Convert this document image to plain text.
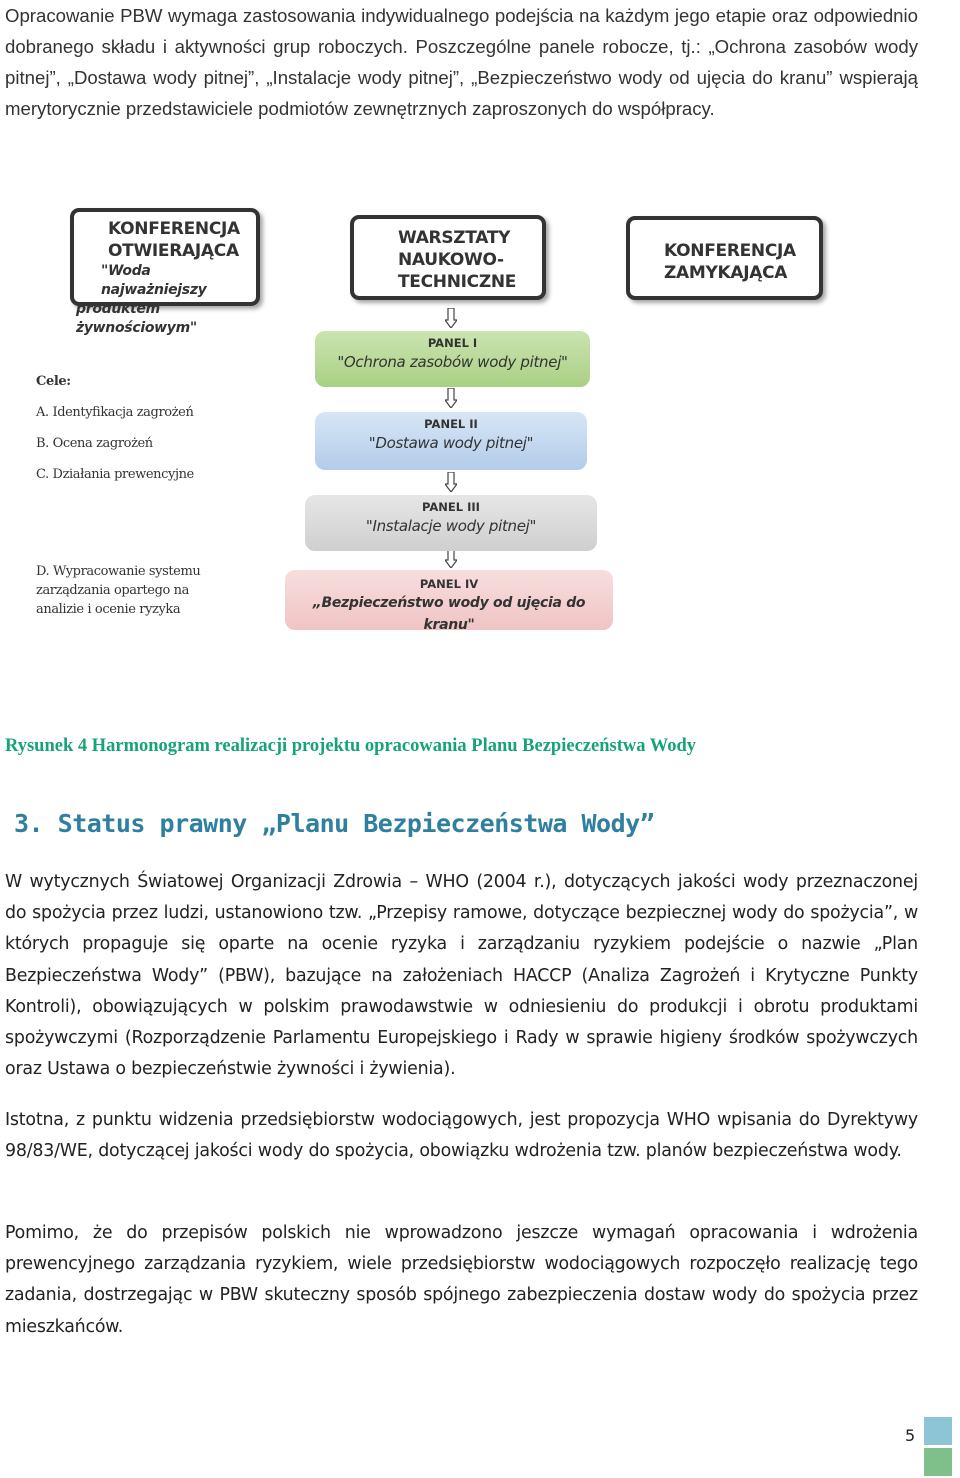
Opracowanie PBW wymaga zastosowania indywidualnego podejścia na każdym jego etapie oraz odpowiednio dobranego składu i aktywności grup roboczych. Poszczególne panele robocze, tj.: „Ochrona zasobów wody pitnej”, „Dostawa wody pitnej”, „Instalacje wody pitnej”, „Bezpieczeństwo wody od ujęcia do kranu” wspierają merytorycznie przedstawiciele podmiotów zewnętrznych zaproszonych do współpracy.

KONFERENCJA
OTWIERAJĄCA
"Woda najważniejszy
produktem żywnościowym"
WARSZTATY
NAUKOWO-
TECHNICZNE
KONFERENCJA
ZAMYKAJĄCA
Cele:
A. Identyfikacja zagrożeń
B. Ocena zagrożeń
C. Działania prewencyjne
D. Wypracowanie systemu
zarządzania opartego na
analizie i ocenie ryzyka
PANEL I
"Ochrona zasobów wody pitnej"
PANEL II
"Dostawa wody pitnej"
PANEL III
"Instalacje wody pitnej"
PANEL IV
„Bezpieczeństwo wody od ujęcia do kranu"
Rysunek 4 Harmonogram realizacji projektu opracowania Planu Bezpieczeństwa Wody
3. Status prawny „Planu Bezpieczeństwa Wody”

W wytycznych Światowej Organizacji Zdrowia – WHO (2004 r.), dotyczących jakości wody przeznaczonej do spożycia przez ludzi, ustanowiono tzw. „Przepisy ramowe, dotyczące bezpiecznej wody do spożycia”, w których propaguje się oparte na ocenie ryzyka i zarządzaniu ryzykiem podejście o nazwie „Plan Bezpieczeństwa Wody” (PBW), bazujące na założeniach HACCP (Analiza Zagrożeń i Krytyczne Punkty Kontroli), obowiązujących w polskim prawodawstwie w odniesieniu do produkcji i obrotu produktami spożywczymi (Rozporządzenie Parlamentu Europejskiego i Rady w sprawie higieny środków spożywczych oraz Ustawa o bezpieczeństwie żywności i żywienia).

Istotna, z punktu widzenia przedsiębiorstw wodociągowych, jest propozycja WHO wpisania do Dyrektywy 98/83/WE, dotyczącej jakości wody do spożycia, obowiązku wdrożenia tzw. planów bezpieczeństwa wody.

Pomimo, że do przepisów polskich nie wprowadzono jeszcze wymagań opracowania i wdrożenia prewencyjnego zarządzania ryzykiem, wiele przedsiębiorstw wodociągowych rozpoczęło realizację tego zadania, dostrzegając w PBW skuteczny sposób spójnego zabezpieczenia dostaw wody do spożycia przez mieszkańców.

5
